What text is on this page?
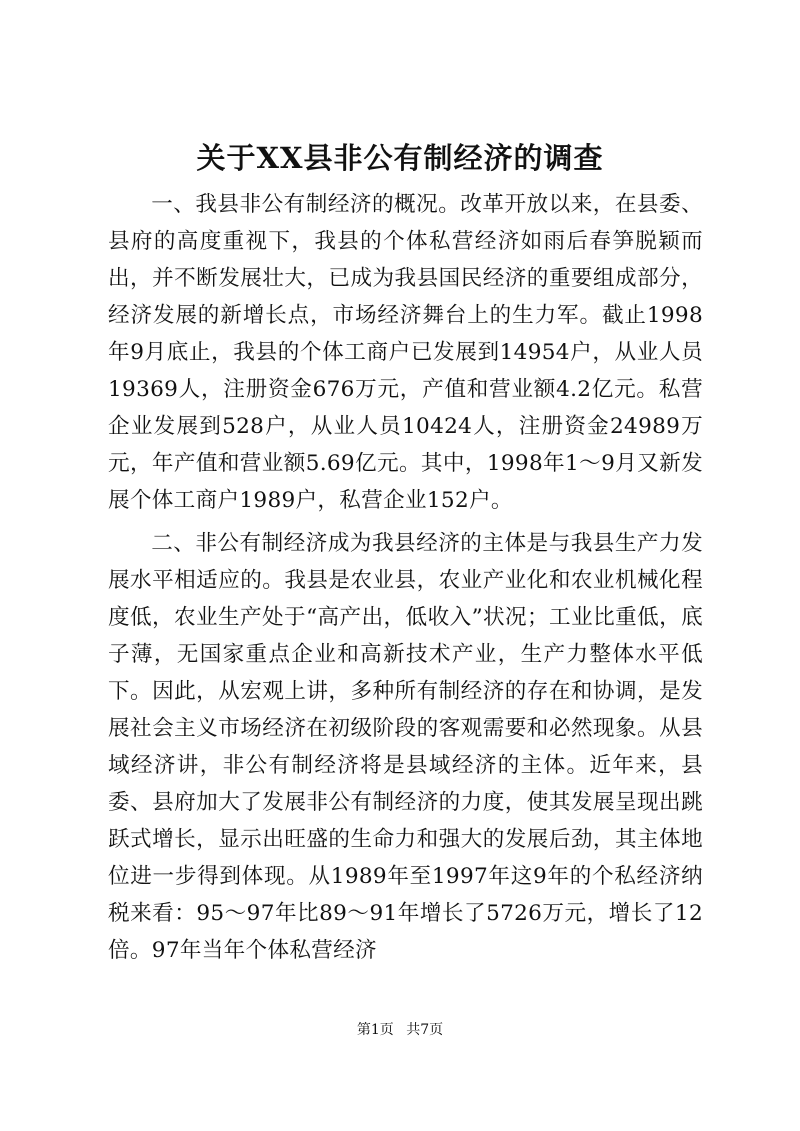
关于XX县非公有制经济的调查

一、我县非公有制经济的概况。改革开放以来，在县委、县府的高度重视下，我县的个体私营经济如雨后春笋脱颖而出，并不断发展壮大，已成为我县国民经济的重要组成部分，经济发展的新增长点，市场经济舞台上的生力军。截止1998年9月底止，我县的个体工商户已发展到14954户，从业人员19369人，注册资金676万元，产值和营业额4.2亿元。私营企业发展到528户，从业人员10424人，注册资金24989万元，年产值和营业额5.69亿元。其中，1998年1～9月又新发展个体工商户1989户，私营企业152户。

二、非公有制经济成为我县经济的主体是与我县生产力发展水平相适应的。我县是农业县，农业产业化和农业机械化程度低，农业生产处于“高产出，低收入”状况；工业比重低，底子薄，无国家重点企业和高新技术产业，生产力整体水平低下。因此，从宏观上讲，多种所有制经济的存在和协调，是发展社会主义市场经济在初级阶段的客观需要和必然现象。从县域经济讲，非公有制经济将是县域经济的主体。近年来，县委、县府加大了发展非公有制经济的力度，使其发展呈现出跳跃式增长，显示出旺盛的生命力和强大的发展后劲，其主体地位进一步得到体现。从1989年至1997年这9年的个私经济纳税来看：95～97年比89～91年增长了5726万元，增长了12倍。97年当年个体私营经济

第1页 共7页
